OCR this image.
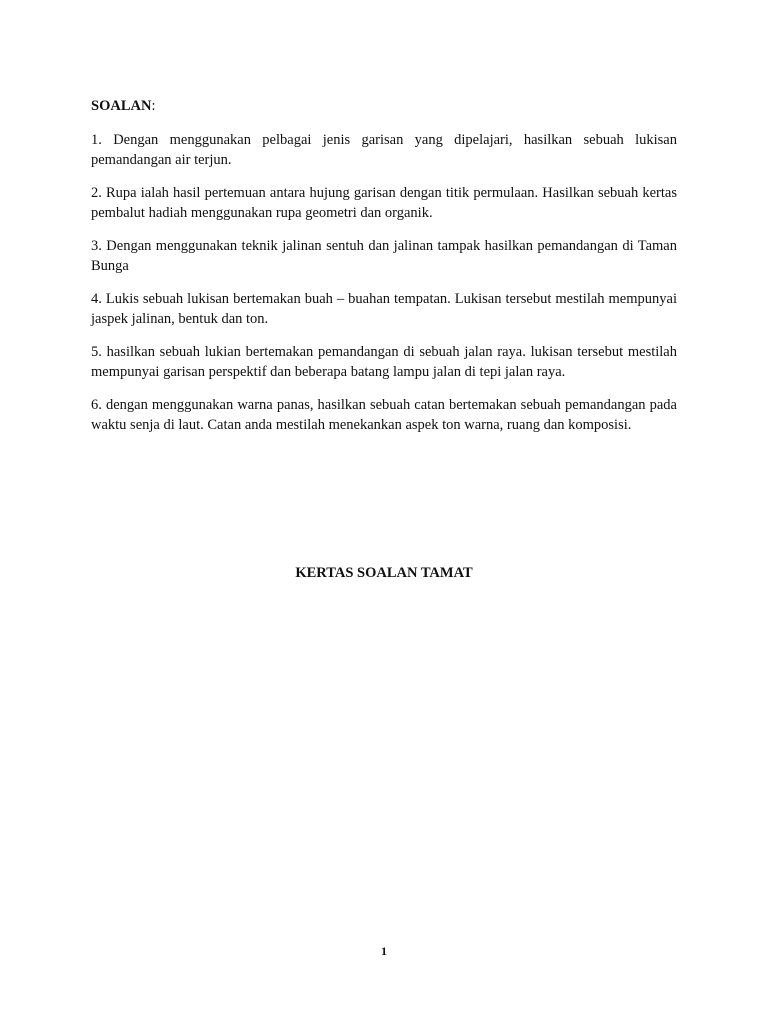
SOALAN:

1. Dengan menggunakan pelbagai jenis garisan yang dipelajari, hasilkan sebuah lukisan pemandangan air terjun.

2. Rupa ialah hasil pertemuan antara hujung garisan dengan titik permulaan. Hasilkan sebuah kertas pembalut hadiah menggunakan rupa geometri dan organik.

3. Dengan menggunakan teknik jalinan sentuh dan jalinan tampak hasilkan pemandangan di Taman Bunga

4. Lukis sebuah lukisan bertemakan buah – buahan tempatan. Lukisan tersebut mestilah mempunyai jaspek jalinan, bentuk dan ton.

5. hasilkan sebuah lukian bertemakan pemandangan di sebuah jalan raya. lukisan tersebut mestilah mempunyai garisan perspektif dan beberapa batang lampu jalan di tepi jalan raya.

6. dengan menggunakan warna panas, hasilkan sebuah catan bertemakan sebuah pemandangan pada waktu senja di laut. Catan anda mestilah menekankan aspek ton warna, ruang dan komposisi.

KERTAS SOALAN TAMAT
1
